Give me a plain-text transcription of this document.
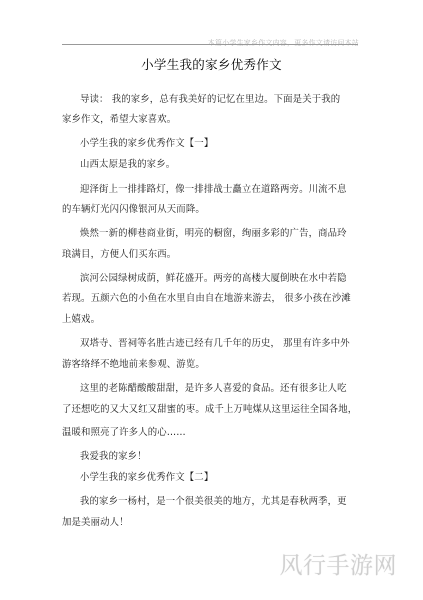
本篇小学生家乡作文内容，更多作文请访问本站
小学生我的家乡优秀作文
导读： 我的家乡，总有我美好的记忆在里边。下面是关于我的
家乡作文，希望大家喜欢。
小学生我的家乡优秀作文【一】
山西太原是我的家乡。
迎泽街上一排排路灯，像一排排战士矗立在道路两旁。川流不息
的车辆灯光闪闪像银河从天而降。
焕然一新的柳巷商业街，明亮的橱窗，绚丽多彩的广告，商品玲
琅满目，方便人们买东西。
滨河公园绿树成荫，鲜花盛开。两旁的高楼大厦倒映在水中若隐
若现。五颜六色的小鱼在水里自由自在地游来游去， 很多小孩在沙滩
上嬉戏。
双塔寺、晋祠等名胜古迹已经有几千年的历史， 那里有许多中外
游客络绎不绝地前来参观、游览。
这里的老陈醋酸酸甜甜，是许多人喜爱的食品。还有很多让人吃
了还想吃的又大又红又甜蜜的枣。成千上万吨煤从这里运往全国各地，
温暖和照亮了许多人的心……
我爱我的家乡！
小学生我的家乡优秀作文【二】
我的家乡一杨村，是一个很美很美的地方，尤其是春秋两季，更
加是美丽动人！
风行手游网
